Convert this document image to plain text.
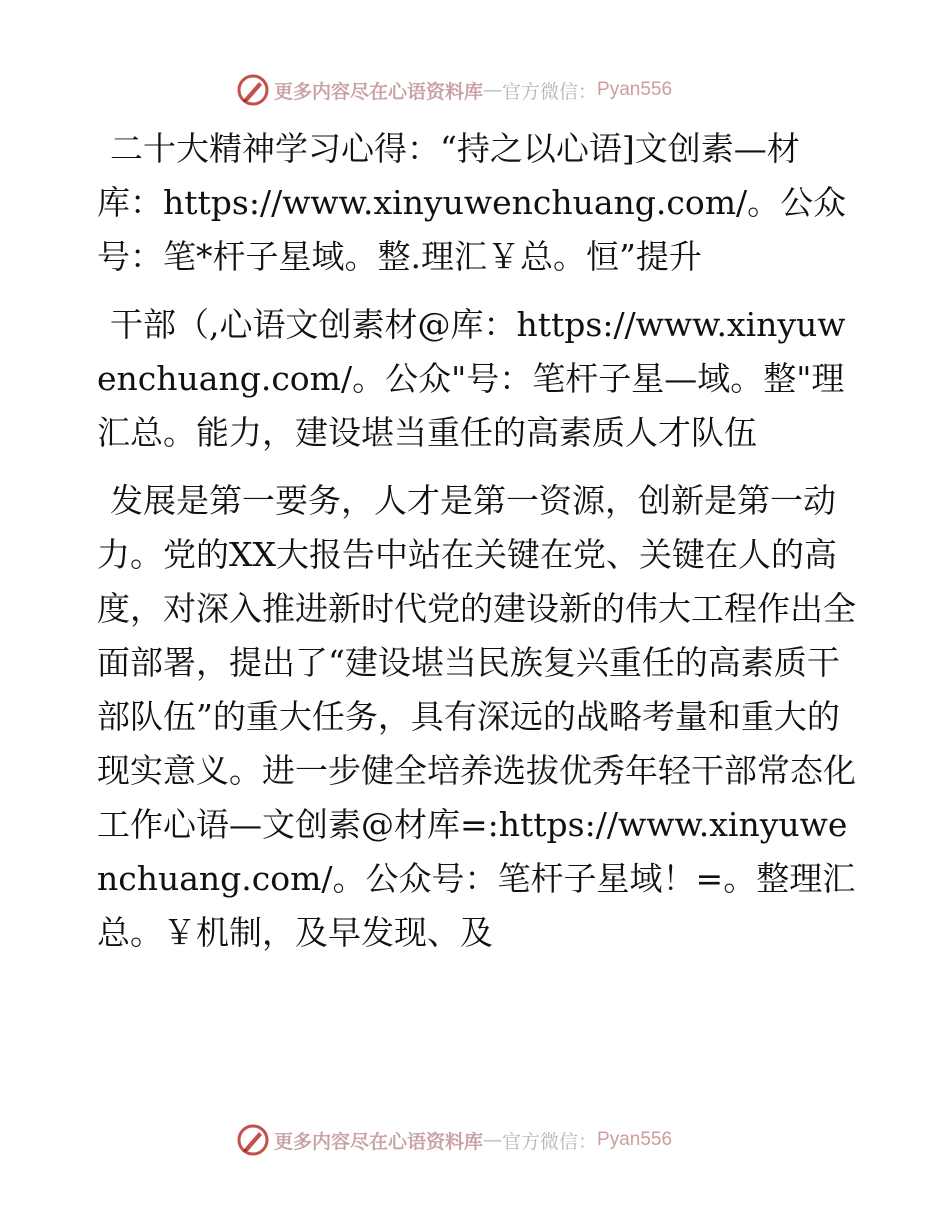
更多内容尽在心语资料库 — 官方微信： Pyan556

二十大精神学习心得：“持之以心语]文创素—材库：https://www.xinyuwenchuang.com/。公众号：笔*杆子星域。整.理汇￥总。恒”提升

干部（,心语文创素材@库：https://www.xinyuwenchuang.com/。公众"号：笔杆子星—域。整"理汇总。能力，建设堪当重任的高素质人才队伍

发展是第一要务，人才是第一资源，创新是第一动力。党的XX大报告中站在关键在党、关键在人的高度，对深入推进新时代党的建设新的伟大工程作出全面部署，提出了“建设堪当民族复兴重任的高素质干部队伍”的重大任务，具有深远的战略考量和重大的现实意义。进一步健全培养选拔优秀年轻干部常态化工作心语—文创素@材库=:https://www.xinyuwenchuang.com/。公众号：笔杆子星域！=。整理汇总。￥机制，及早发现、及

更多内容尽在心语资料库 — 官方微信： Pyan556
